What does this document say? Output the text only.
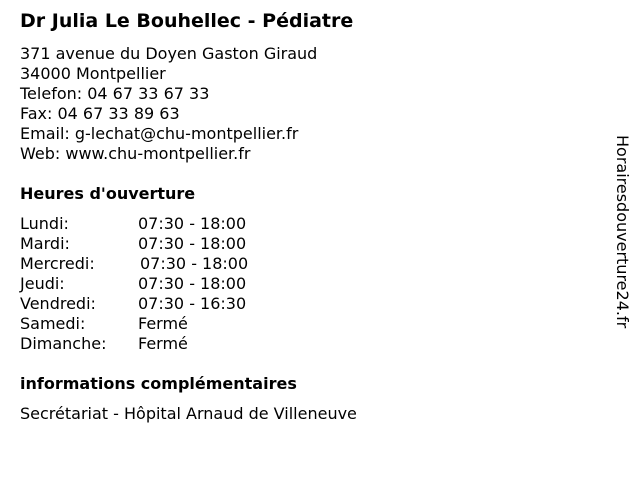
Dr Julia Le Bouhellec - Pédiatre
371 avenue du Doyen Gaston Giraud
34000 Montpellier
Telefon: 04 67 33 67 33
Fax: 04 67 33 89 63
Email: g-lechat@chu-montpellier.fr
Web: www.chu-montpellier.fr
Heures d'ouverture
Lundi:	07:30 - 18:00
Mardi:	07:30 - 18:00
Mercredi:	07:30 - 18:00
Jeudi:	07:30 - 18:00
Vendredi:	07:30 - 16:30
Samedi:	Fermé
Dimanche: Fermé
informations complémentaires
Secrétariat - Hôpital Arnaud de Villeneuve
Horairesdouverture24.fr
